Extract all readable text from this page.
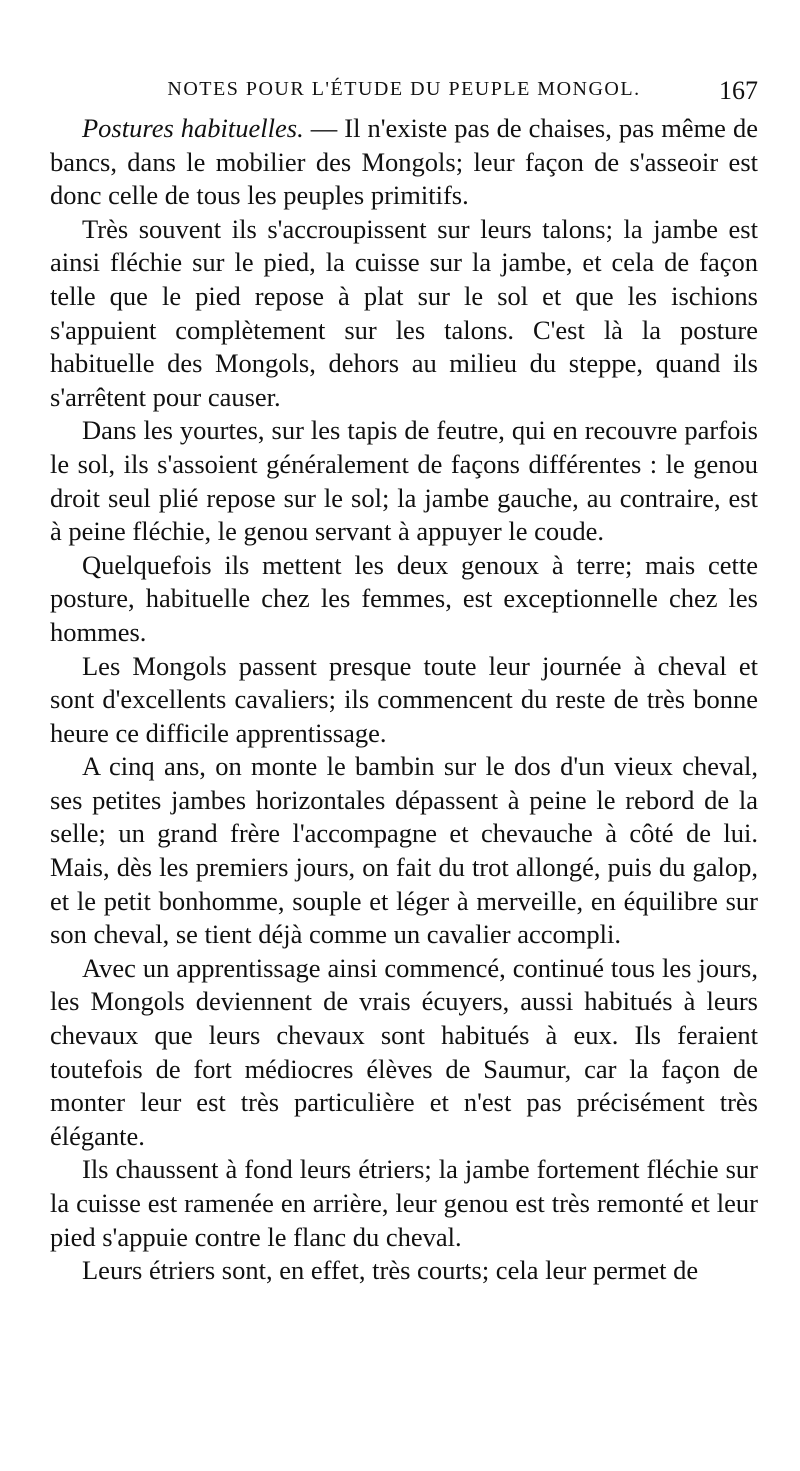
NOTES POUR L'ÉTUDE DU PEUPLE MONGOL.	167

Postures habituelles. — Il n'existe pas de chaises, pas même de bancs, dans le mobilier des Mongols; leur façon de s'asseoir est donc celle de tous les peuples primitifs.

Très souvent ils s'accroupissent sur leurs talons; la jambe est ainsi fléchie sur le pied, la cuisse sur la jambe, et cela de façon telle que le pied repose à plat sur le sol et que les ischions s'appuient complètement sur les talons. C'est là la posture habituelle des Mongols, dehors au milieu du steppe, quand ils s'arrêtent pour causer.

Dans les yourtes, sur les tapis de feutre, qui en recouvre parfois le sol, ils s'assoient généralement de façons différentes : le genou droit seul plié repose sur le sol; la jambe gauche, au contraire, est à peine fléchie, le genou servant à appuyer le coude.

Quelquefois ils mettent les deux genoux à terre; mais cette posture, habituelle chez les femmes, est exceptionnelle chez les hommes.

Les Mongols passent presque toute leur journée à cheval et sont d'excellents cavaliers; ils commencent du reste de très bonne heure ce difficile apprentissage.

A cinq ans, on monte le bambin sur le dos d'un vieux cheval, ses petites jambes horizontales dépassent à peine le rebord de la selle; un grand frère l'accompagne et chevauche à côté de lui. Mais, dès les premiers jours, on fait du trot allongé, puis du galop, et le petit bonhomme, souple et léger à merveille, en équilibre sur son cheval, se tient déjà comme un cavalier accompli.

Avec un apprentissage ainsi commencé, continué tous les jours, les Mongols deviennent de vrais écuyers, aussi habitués à leurs chevaux que leurs chevaux sont habitués à eux. Ils feraient toutefois de fort médiocres élèves de Saumur, car la façon de monter leur est très particulière et n'est pas précisément très élégante.

Ils chaussent à fond leurs étriers; la jambe fortement fléchie sur la cuisse est ramenée en arrière, leur genou est très remonté et leur pied s'appuie contre le flanc du cheval.

Leurs étriers sont, en effet, très courts; cela leur permet de
